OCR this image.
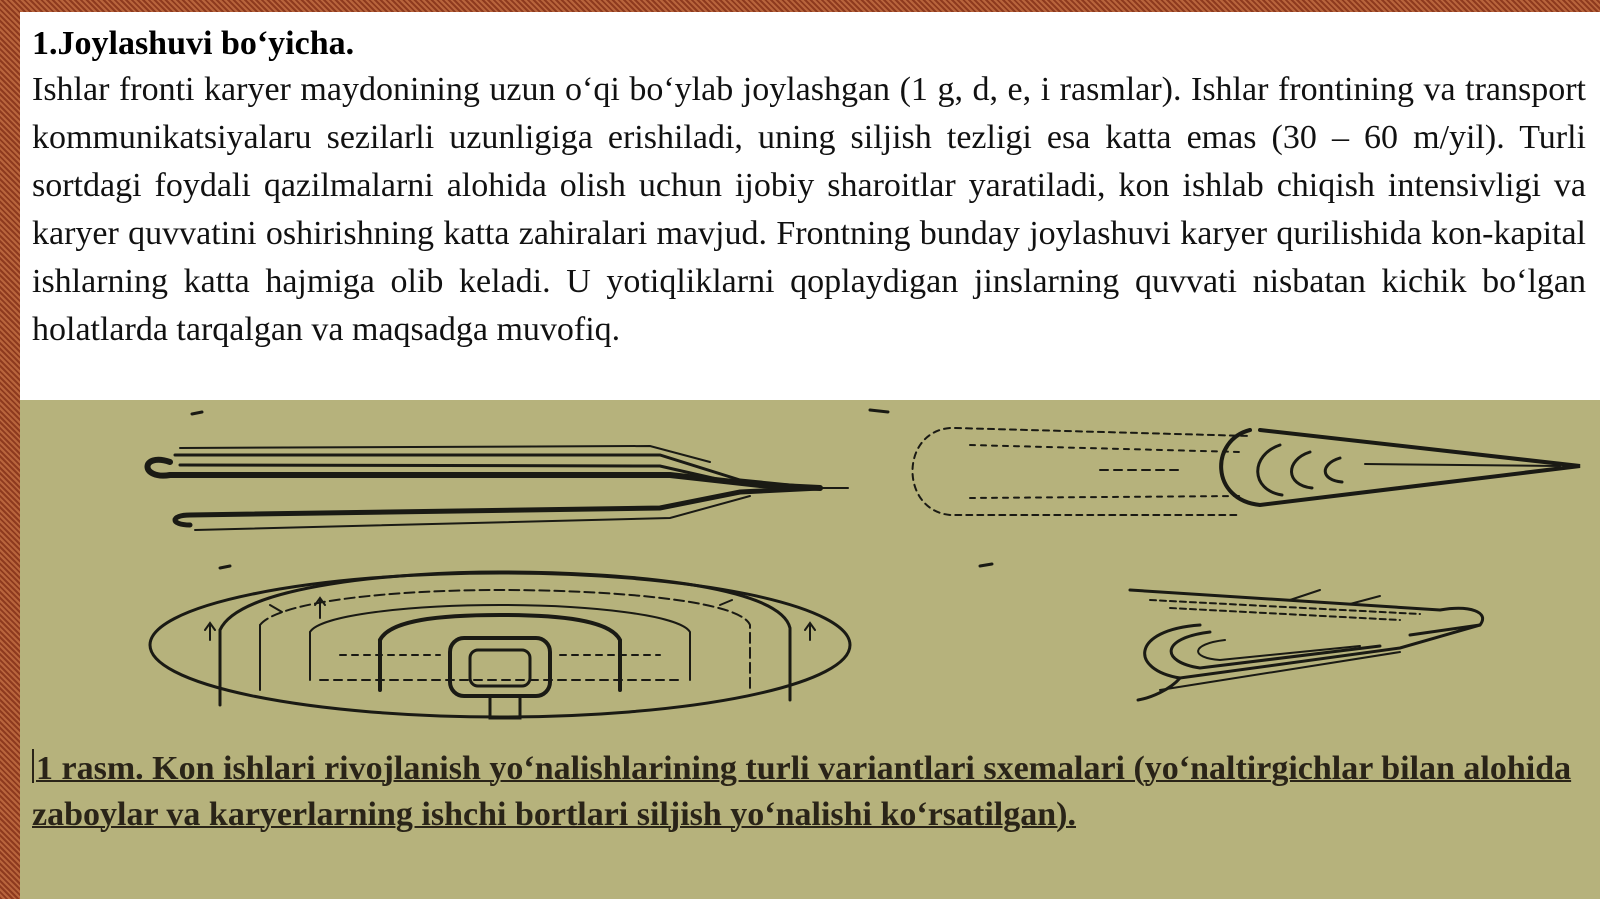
1.Joylashuvi bo‘yicha.

Ishlar fronti karyer maydonining uzun o‘qi bo‘ylab joylashgan (1 g, d, e, i rasmlar). Ishlar frontining va transport kommunikatsiyalaru sezilarli uzunligiga erishiladi, uning siljish tezligi esa katta emas (30 – 60 m/yil). Turli sortdagi foydali qazilmalarni alohida olish uchun ijobiy sharoitlar yaratiladi, kon ishlab chiqish intensivligi va karyer quvvatini oshirishning katta zahiralari mavjud. Frontning bunday joylashuvi karyer qurilishida kon-kapital ishlarning katta hajmiga olib keladi. U yotiqliklarni qoplaydigan jinslarning quvvati nisbatan kichik bo‘lgan holatlarda tarqalgan va maqsadga muvofiq.

1 rasm. Kon ishlari rivojlanish yo‘nalishlarining turli variantlari sxemalari (yo‘naltirgichlar bilan alohida zaboylar va karyerlarning ishchi bortlari siljish yo‘nalishi ko‘rsatilgan).
